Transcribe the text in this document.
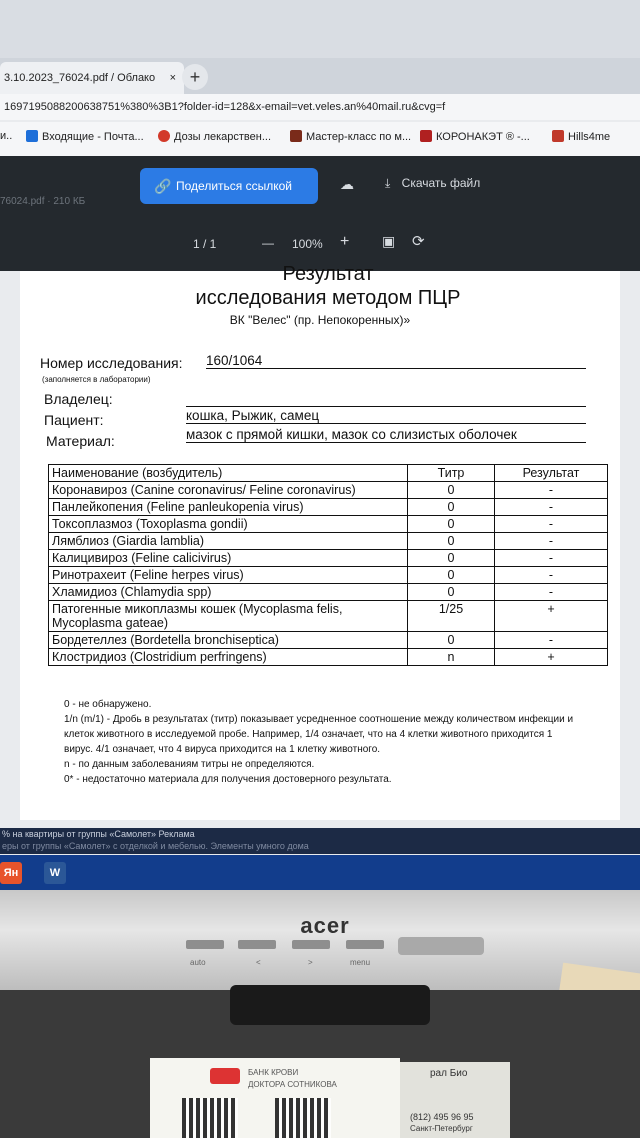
3.10.2023_76024.pdf / Облако × +
1697195088200638751%380%3B1?folder-id=128&x-email=vet.veles.an%40mail.ru&cvg=f
и..	Входящие - Почта...	Дозы лекарствен...	Мастер-класс по м...	КОРОНАКЭТ ® -...	Hills4me
76024.pdf · 210 КБ
🔗 Поделиться ссылкой	☁	⤓ Скачать файл
1 / 1	— 100% + ▣ ⟳
Результат
исследования методом ПЦР
ВК "Велес" (пр. Непокоренных)»
Номер исследования: 160/1064
(заполняется в лаборатории)
Владелец:
Пациент:	кошка, Рыжик, самец
Материал:	мазок с прямой кишки, мазок со слизистых оболочек
Наименование (возбудитель)	Титр	Результат
Коронавироз (Canine coronavirus/ Feline coronavirus)	0	-
Панлейкопения (Feline panleukopenia virus)	0	-
Токсоплазмоз (Toxoplasma gondii)	0	-
Лямблиоз (Giardia lamblia)	0	-
Калицивироз (Feline calicivirus)	0	-
Ринотрахеит (Feline herpes virus)	0	-
Хламидиоз (Chlamydia spp)	0	-
Патогенные микоплазмы кошек (Mycoplasma felis, Mycoplasma gateae)	1/25	+
Бордетеллез (Bordetella bronchiseptica)	0	-
Клостридиоз (Clostridium perfringens)	n	+
0 - не обнаружено.
1/n (m/1) - Дробь в результатах (титр) показывает усредненное соотношение между количеством инфекции и клеток животного в исследуемой пробе. Например, 1/4 означает, что на 4 клетки животного приходится 1 вирус. 4/1 означает, что 4 вируса приходится на 1 клетку животного.
n - по данным заболеваниям титры не определяются.
0* - недостаточно материала для получения достоверного результата.
% на квартиры от группы «Самолет» Реклама
еры от группы «Самолет» с отделкой и мебелью. Элементы умного дома
Ян	W
acer
auto	<	>	menu
БАНК КРОВИ
ДОКТОРА СОТНИКОВА
рал Био
(812) 495 96 95
Санкт-Петербург
